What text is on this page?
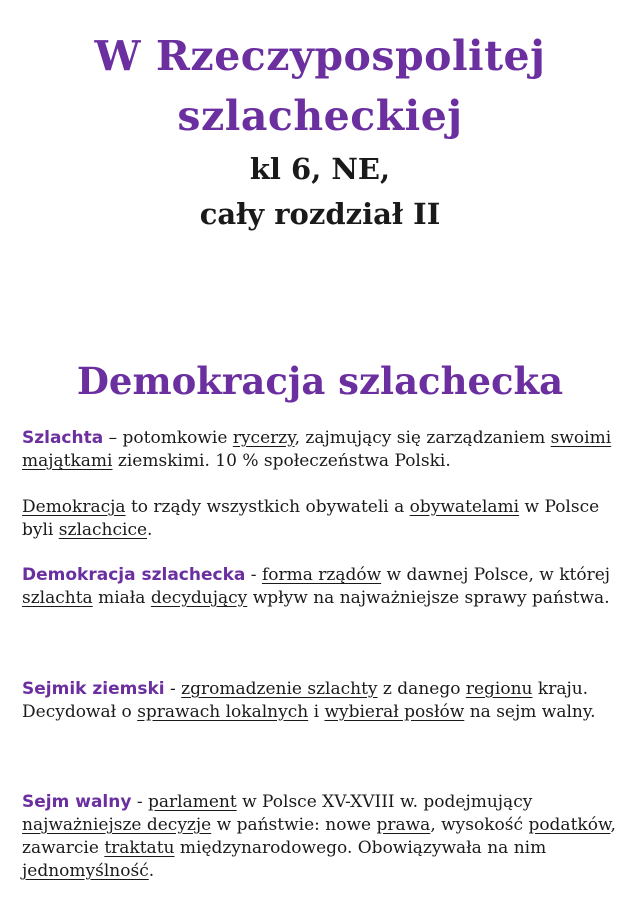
W Rzeczypospolitej
szlacheckiej
kl 6, NE,
cały rozdział II
Demokracja szlachecka

Szlachta – potomkowie rycerzy, zajmujący się zarządzaniem swoimi majątkami ziemskimi. 10 % społeczeństwa Polski.

Demokracja to rządy wszystkich obywateli a obywatelami w Polsce byli szlachcice.

Demokracja szlachecka - forma rządów w dawnej Polsce, w której szlachta miała decydujący wpływ na najważniejsze sprawy państwa.

Sejmik ziemski - zgromadzenie szlachty z danego regionu kraju. Decydował o sprawach lokalnych i wybierał posłów na sejm walny.

Sejm walny - parlament w Polsce XV-XVIII w. podejmujący najważniejsze decyzje w państwie: nowe prawa, wysokość podatków, zawarcie traktatu międzynarodowego. Obowiązywała na nim jednomyślność.
